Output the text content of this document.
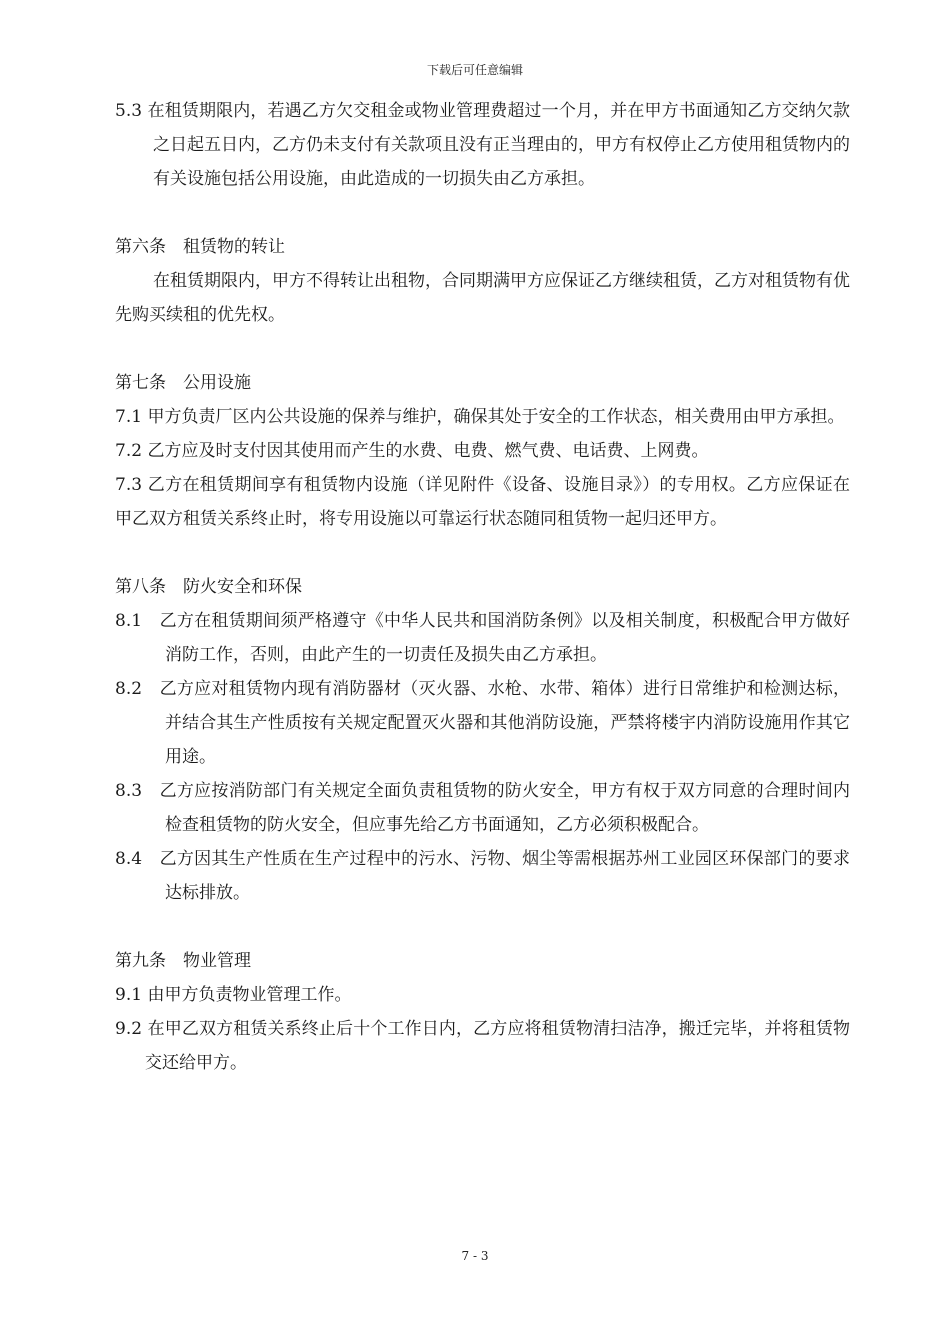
下载后可任意编辑

5.3 在租赁期限内，若遇乙方欠交租金或物业管理费超过一个月，并在甲方书面通知乙方交纳欠款之日起五日内，乙方仍未支付有关款项且没有正当理由的，甲方有权停止乙方使用租赁物内的有关设施包括公用设施，由此造成的一切损失由乙方承担。

第六条　租赁物的转让

在租赁期限内，甲方不得转让出租物，合同期满甲方应保证乙方继续租赁，乙方对租赁物有优先购买续租的优先权。

第七条　公用设施

7.1 甲方负责厂区内公共设施的保养与维护，确保其处于安全的工作状态，相关费用由甲方承担。

7.2 乙方应及时支付因其使用而产生的水费、电费、燃气费、电话费、上网费。

7.3 乙方在租赁期间享有租赁物内设施（详见附件《设备、设施目录》）的专用权。乙方应保证在甲乙双方租赁关系终止时，将专用设施以可靠运行状态随同租赁物一起归还甲方。

第八条　防火安全和环保

8.1　乙方在租赁期间须严格遵守《中华人民共和国消防条例》以及相关制度，积极配合甲方做好消防工作，否则，由此产生的一切责任及损失由乙方承担。

8.2　乙方应对租赁物内现有消防器材（灭火器、水枪、水带、箱体）进行日常维护和检测达标，并结合其生产性质按有关规定配置灭火器和其他消防设施，严禁将楼宇内消防设施用作其它用途。

8.3　乙方应按消防部门有关规定全面负责租赁物的防火安全，甲方有权于双方同意的合理时间内检查租赁物的防火安全，但应事先给乙方书面通知，乙方必须积极配合。

8.4　乙方因其生产性质在生产过程中的污水、污物、烟尘等需根据苏州工业园区环保部门的要求达标排放。

第九条　物业管理

9.1 由甲方负责物业管理工作。

9.2 在甲乙双方租赁关系终止后十个工作日内，乙方应将租赁物清扫洁净，搬迁完毕，并将租赁物交还给甲方。

7 - 3
